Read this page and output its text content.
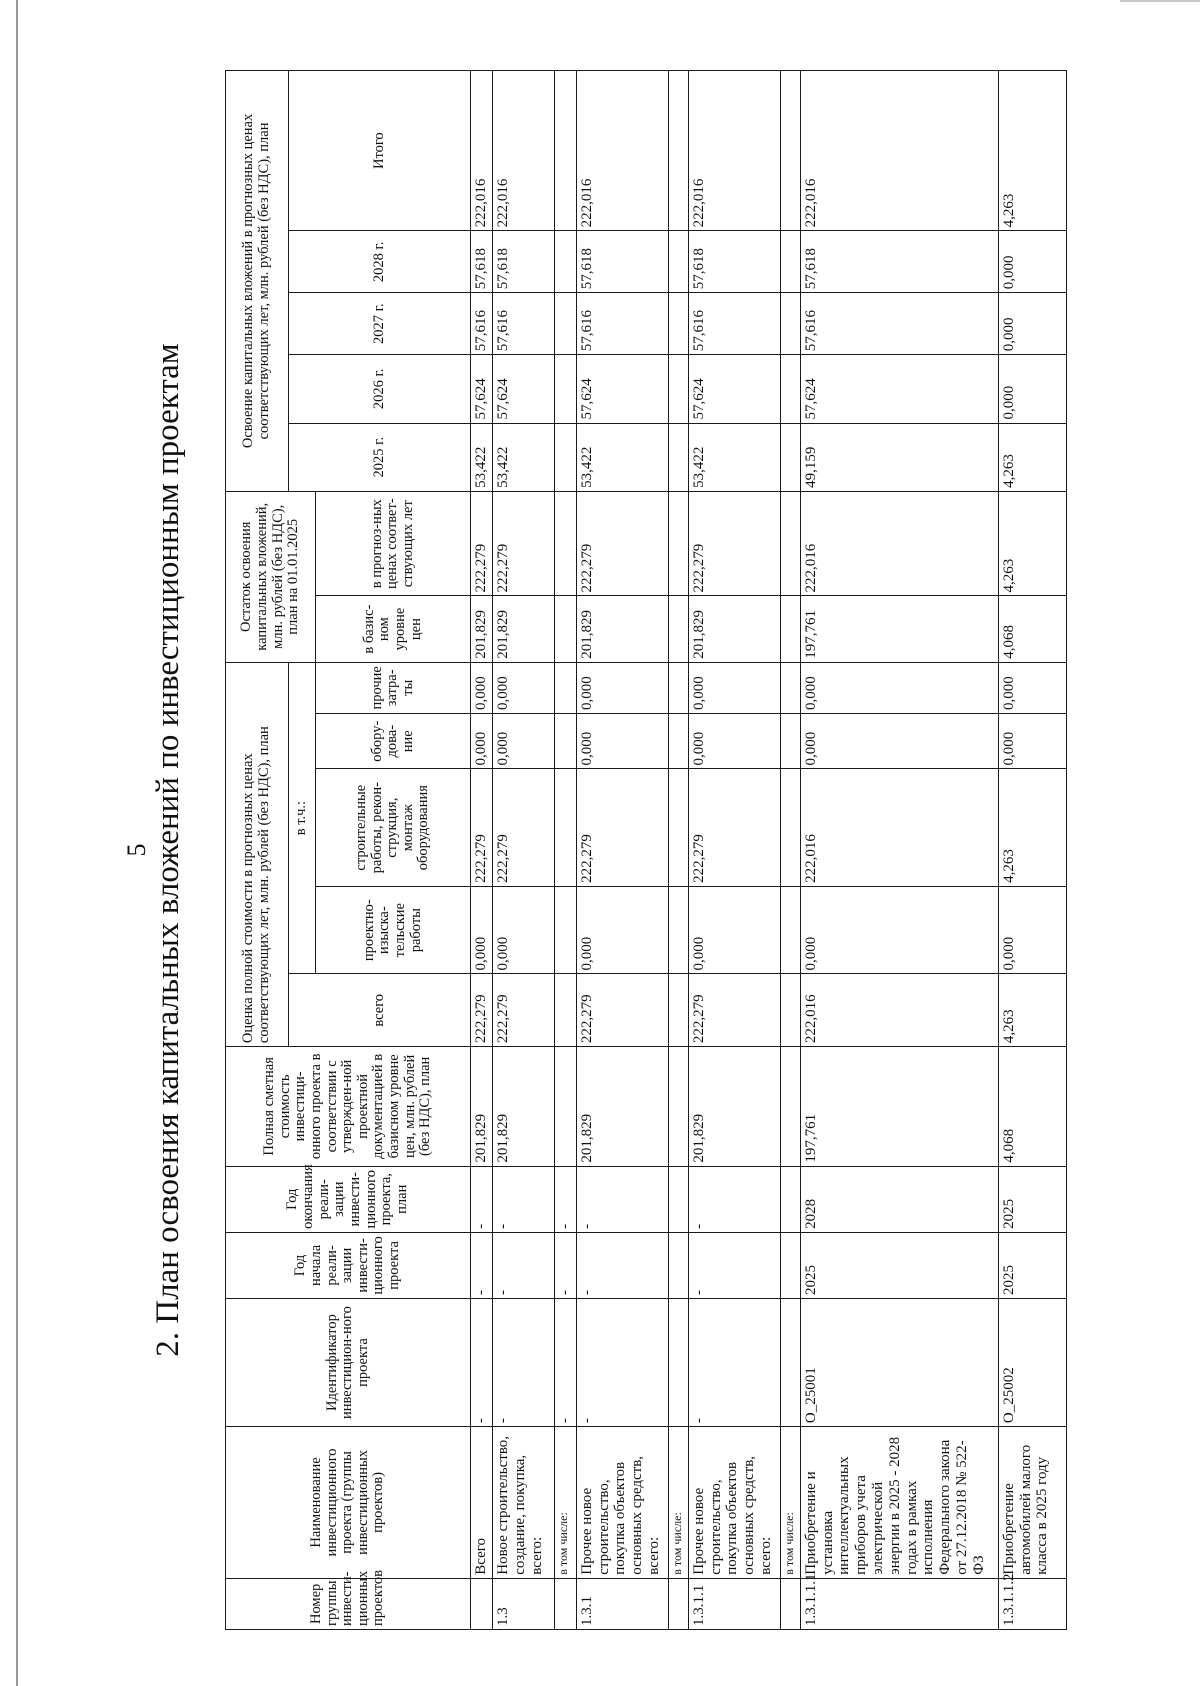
5 2. План освоения капитальных вложений по инвестиционным проектам
Номер группы инвести-ционных проектов	Наименование инвестиционного проекта (группы инвестиционных проектов)	Идентификатор инвестицион-ного проекта	Год начала реали-зации инвести-ционного проекта	Год окончания реали-зации инвести-ционного проекта, план	Полная сметная стоимость инвестици-онного проекта в соответствии с утвержден-ной проектной документацией в базисном уровне цен, млн. рублей (без НДС), план	Оценка полной стоимости в прогнозных ценах соответствующих лет, млн. рублей (без НДС), план					Остаток освоения капитальных вложений, млн. рублей (без НДС), план на 01.01.2025		Освоение капитальных вложений в прогнозных ценах соответствующих лет, млн. рублей (без НДС), план				
						всего	в т.ч.:						2025 г.	2026 г.	2027 г.	2028 г.	Итого
							проектно-изыска-тельские работы	строительные работы, рекон-струкция, монтаж оборудования	обору-дова-ние	прочие затра-ты	в базис-ном уровне цен	в прогноз-ных ценах соответ-ствующих лет					

	Всего	-	-	-	201,829	222,279	0,000	222,279	0,000	0,000	201,829	222,279	53,422	57,624	57,616	57,618	222,016
1.3	Новое строительство, создание, покупка, всего:	-	-	-	201,829	222,279	0,000	222,279	0,000	0,000	201,829	222,279	53,422	57,624	57,616	57,618	222,016
	в том числе:	-	-	-													
1.3.1	Прочее новое строительство, покупка объектов основных средств, всего:	-	-	-	201,829	222,279	0,000	222,279	0,000	0,000	201,829	222,279	53,422	57,624	57,616	57,618	222,016
	в том числе:																
1.3.1.1	Прочее новое строительство, покупка объектов основных средств, всего:	-	-	-	201,829	222,279	0,000	222,279	0,000	0,000	201,829	222,279	53,422	57,624	57,616	57,618	222,016
	в том числе:																
1.3.1.1.1	Приобретение и установка интеллектуальных приборов учета электрической энергии в 2025 - 2028 годах в рамках исполнения Федерального закона от 27.12.2018 № 522-ФЗ	O_25001	2025	2028	197,761	222,016	0,000	222,016	0,000	0,000	197,761	222,016	49,159	57,624	57,616	57,618	222,016
1.3.1.1.2	Приобретение автомобилей малого класса в 2025 году	O_25002	2025	2025	4,068	4,263	0,000	4,263	0,000	0,000	4,068	4,263	4,263	0,000	0,000	0,000	4,263
